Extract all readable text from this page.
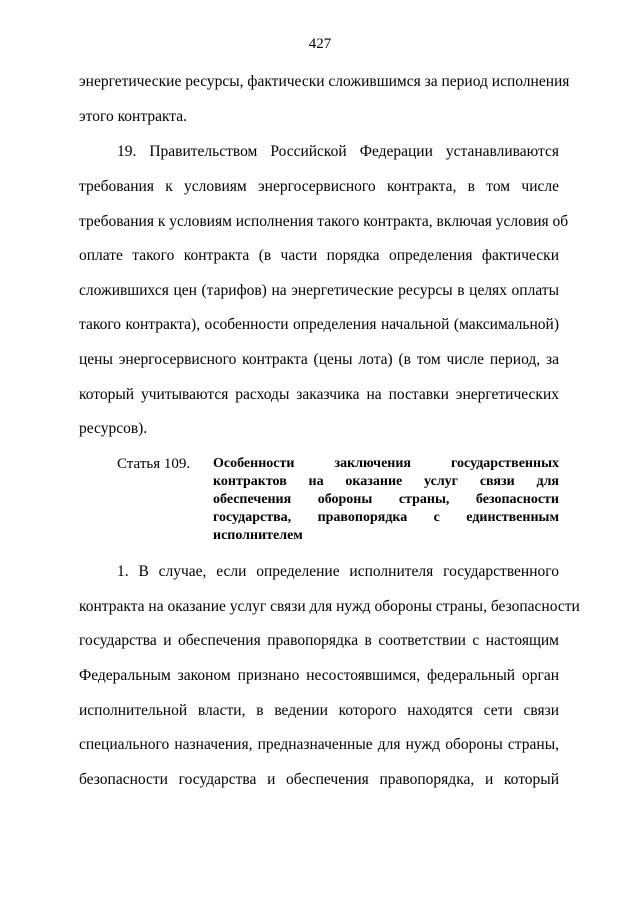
427
энергетические ресурсы, фактически сложившимся за период исполнения
этого контракта.
19. Правительством Российской Федерации устанавливаются
требования к условиям энергосервисного контракта, в том числе
требования к условиям исполнения такого контракта, включая условия об
оплате такого контракта (в части порядка определения фактически
сложившихся цен (тарифов) на энергетические ресурсы в целях оплаты
такого контракта), особенности определения начальной (максимальной)
цены энергосервисного контракта (цены лота) (в том числе период, за
который учитываются расходы заказчика на поставки энергетических
ресурсов).
Статья 109. Особенности заключения государственных
контрактов на оказание услуг связи для
обеспечения обороны страны, безопасности
государства, правопорядка с единственным
исполнителем
1. В случае, если определение исполнителя государственного
контракта на оказание услуг связи для нужд обороны страны, безопасности
государства и обеспечения правопорядка в соответствии с настоящим
Федеральным законом признано несостоявшимся, федеральный орган
исполнительной власти, в ведении которого находятся сети связи
специального назначения, предназначенные для нужд обороны страны,
безопасности государства и обеспечения правопорядка, и который
